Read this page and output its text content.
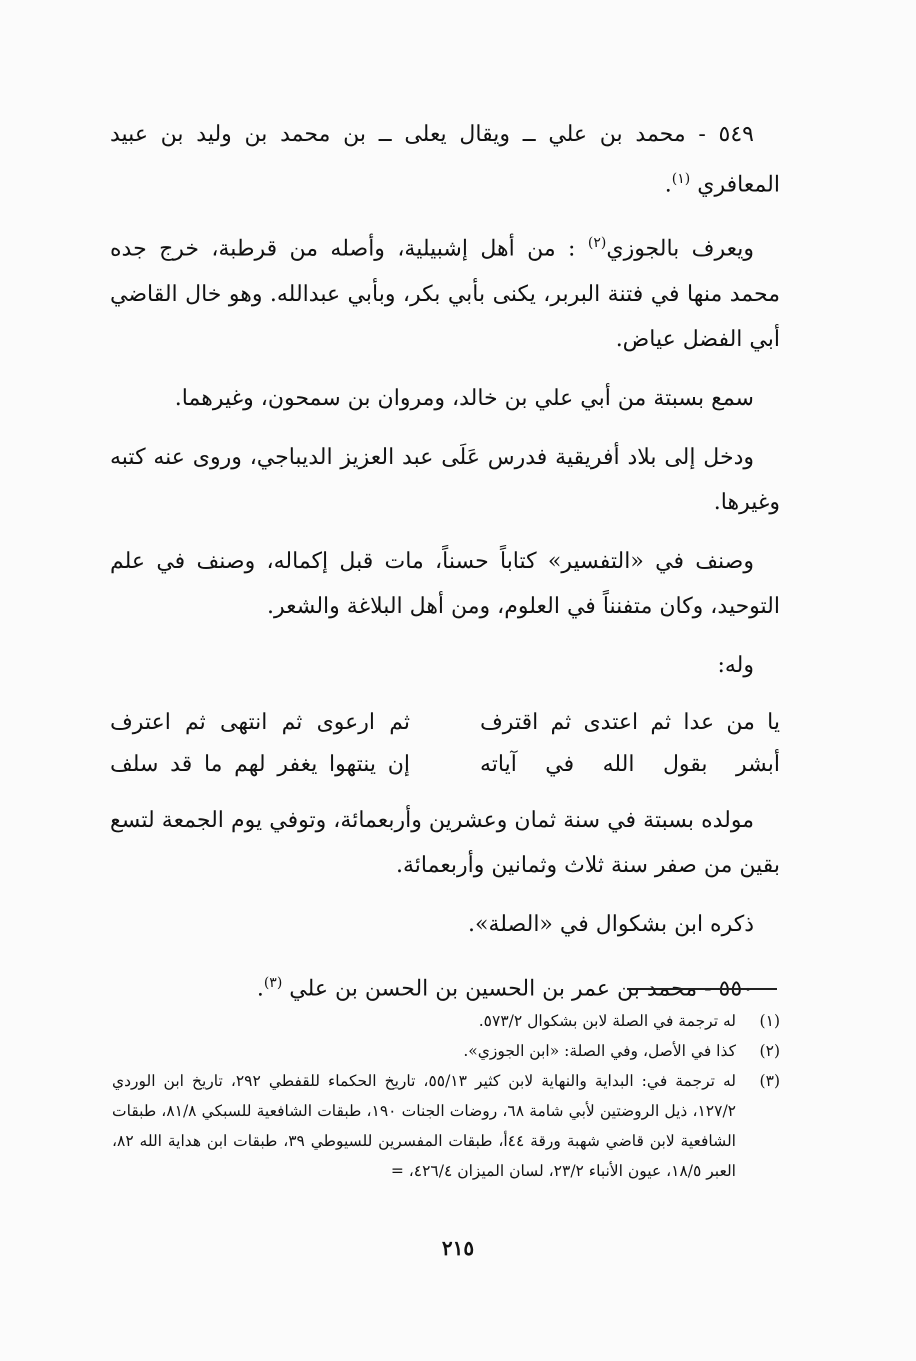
٥٤٩ - محمد بن علي ــ ويقال يعلى ــ بن محمد بن وليد بن عبيد المعافري $^{(١)}$.

ويعرف بالجوزي$^{(٢)}$ : من أهل إشبيلية، وأصله من قرطبة، خرج جده محمد منها في فتنة البربر، يكنى بأبي بكر، وبأبي عبدالله. وهو خال القاضي أبي الفضل عياض.

سمع بسبتة من أبي علي بن خالد، ومروان بن سمحون، وغيرهما.

ودخل إلى بلاد أفريقية فدرس عَلَى عبد العزيز الديباجي، وروى عنه كتبه وغيرها.

وصنف في «التفسير» كتاباً حسناً، مات قبل إكماله، وصنف في علم التوحيد، وكان متفنناً في العلوم، ومن أهل البلاغة والشعر.

وله:

يا من عدا ثم اعتدى ثم اقترف
ثم ارعوى ثم انتهى ثم اعترف
أبشر بقول الله في آياته
إن ينتهوا يغفر لهم ما قد سلف

مولده بسبتة في سنة ثمان وعشرين وأربعمائة، وتوفي يوم الجمعة لتسع بقين من صفر سنة ثلاث وثمانين وأربعمائة.

ذكره ابن بشكوال في «الصلة».

٥٥٠ - محمد بن عمر بن الحسين بن الحسن بن علي $^{(٣)}$.

(١)
له ترجمة في الصلة لابن بشكوال ٥٧٣/٢.
(٢)
كذا في الأصل، وفي الصلة: «ابن الجوزي».
(٣)
له ترجمة في: البداية والنهاية لابن كثير ٥٥/١٣، تاريخ الحكماء للقفطي ٢٩٢، تاريخ ابن الوردي ١٢٧/٢، ذيل الروضتين لأبي شامة ٦٨، روضات الجنات ١٩٠، طبقات الشافعية للسبكي ٨١/٨، طبقات الشافعية لابن قاضي شهبة ورقة ٤٤أ، طبقات المفسرين للسيوطي ٣٩، طبقات ابن هداية الله ٨٢، العبر ١٨/٥، عيون الأنباء ٢٣/٢، لسان الميزان ٤٢٦/٤، =
٢١٥
